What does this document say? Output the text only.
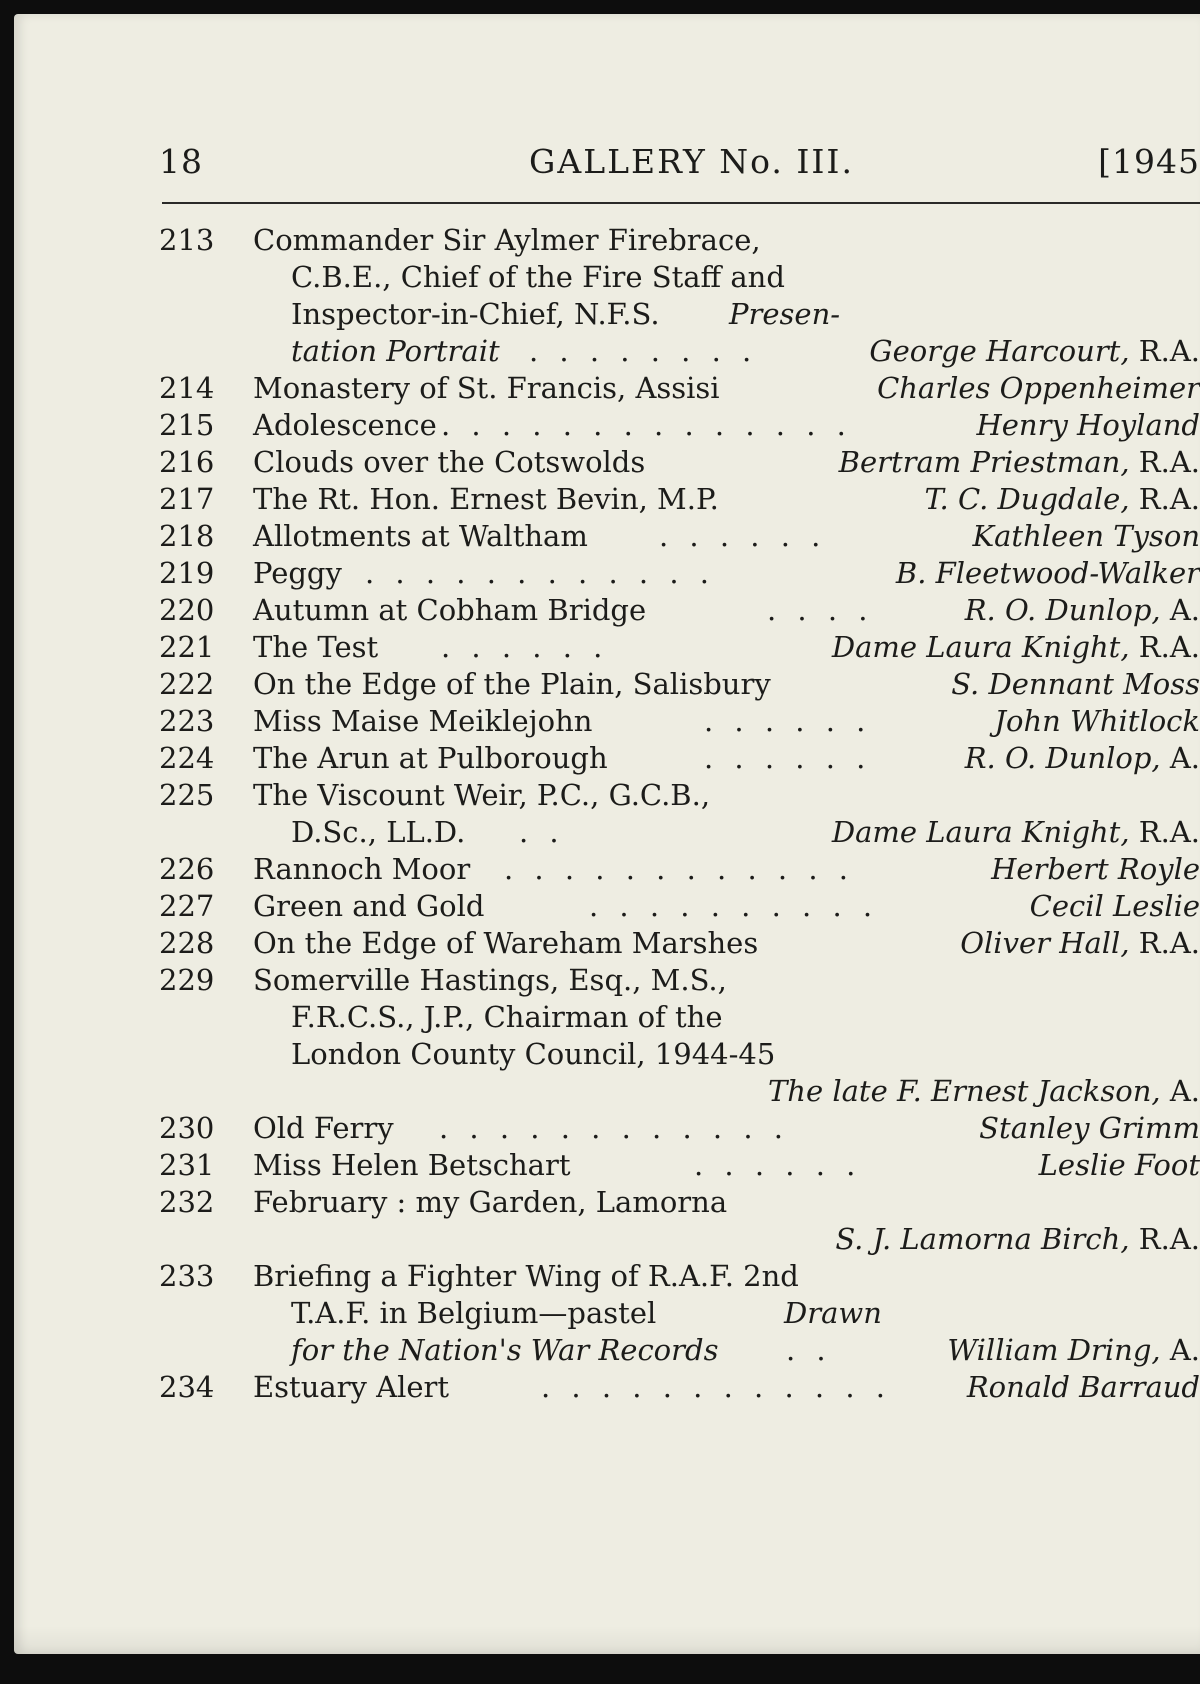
18	GALLERY No. III.	[1945
213 Commander Sir Aylmer Firebrace,
C.B.E., Chief of the Fire Staff and
Inspector-in-Chief, N.F.S. Presen-
tation Portrait . . . . . . . .	George Harcourt, R.A.
214 Monastery of St. Francis, Assisi	Charles Oppenheimer
215 Adolescence . . . . . . . . . . . . . .	Henry Hoyland
216 Clouds over the Cotswolds	Bertram Priestman, R.A.
217 The Rt. Hon. Ernest Bevin, M.P.	T. C. Dugdale, R.A.
218 Allotments at Waltham . . . . . .	Kathleen Tyson
219 Peggy . . . . . . . . . . . .	B. Fleetwood-Walker
220 Autumn at Cobham Bridge	. . . .	R. O. Dunlop, A.
221 The Test . . . . . .	Dame Laura Knight, R.A.
222 On the Edge of the Plain, Salisbury	S. Dennant Moss
223 Miss Maise Meiklejohn	. . . . . .	John Whitlock
224 The Arun at Pulborough	. . . . . .	R. O. Dunlop, A.
225 The Viscount Weir, P.C., G.C.B.,
D.Sc., LL.D. . .	Dame Laura Knight, R.A.
226 Rannoch Moor . . . . . . . . . . . .	Herbert Royle
227 Green and Gold	. . . . . . . . . .	Cecil Leslie
228 On the Edge of Wareham Marshes	Oliver Hall, R.A.
229 Somerville Hastings, Esq., M.S.,
F.R.C.S., J.P., Chairman of the
London County Council, 1944-45
The late F. Ernest Jackson, A.
230 Old Ferry . . . . . . . . . . . .	Stanley Grimm
231 Miss Helen Betschart	. . . . . .	Leslie Foot
232 February : my Garden, Lamorna
S. J. Lamorna Birch, R.A.
233 Briefing a Fighter Wing of R.A.F. 2nd
T.A.F. in Belgium—pastel	Drawn
for the Nation's War Records . .	William Dring, A.
234 Estuary Alert	. . . . . . . . . . . .	Ronald Barraud
